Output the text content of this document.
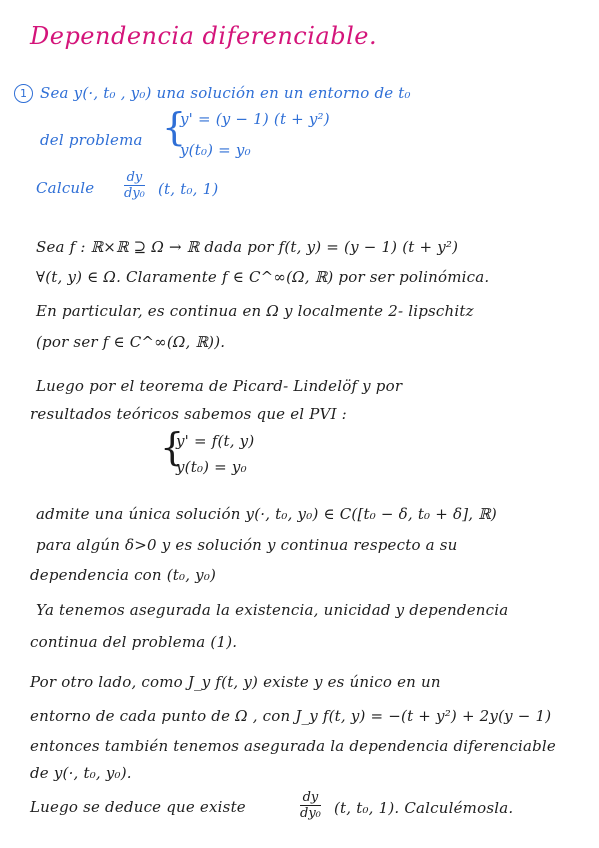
Dependencia diferenciable.
1 Sea y(·, t₀ , y₀) una solución en un entorno de t₀
del problema {
y' = (y − 1) (t + y²)
y(t₀) = y₀
Calcule $\frac{dy}{\text{dy₀}} (t$, t₀, 1)
Sea f : ℝ×ℝ ⊇ Ω → ℝ dada por f(t, y) = (y − 1) (t + y²)
∀(t, y) ∈ Ω. Claramente f ∈ C^∞(Ω, ℝ) por ser polinómica.
En particular, es continua en Ω y localmente 2- lipschitz
(por ser f ∈ C^∞(Ω, ℝ)).
Luego por el teorema de Picard- Lindelöf y por
resultados teóricos sabemos que el PVI :
{
y' = f(t, y)
y(t₀) = y₀
admite una única solución y(·, t₀, y₀) ∈ C([t₀ − δ, t₀ + δ], ℝ)
para algún δ>0 y es solución y continua respecto a su
dependencia con (t₀, y₀)
Ya tenemos asegurada la existencia, unicidad y dependencia
continua del problema (1).
Por otro lado, como J_y f(t, y) existe y es único en un
entorno de cada punto de Ω , con J_y f(t, y) = −(t + y²) + 2y(y − 1)
entonces también tenemos asegurada la dependencia diferenciable
de y(·, t₀, y₀).
Luego se deduce que existe	$\frac{dy}{\text{dy₀}} (t$, t₀, 1). Calculémosla.
